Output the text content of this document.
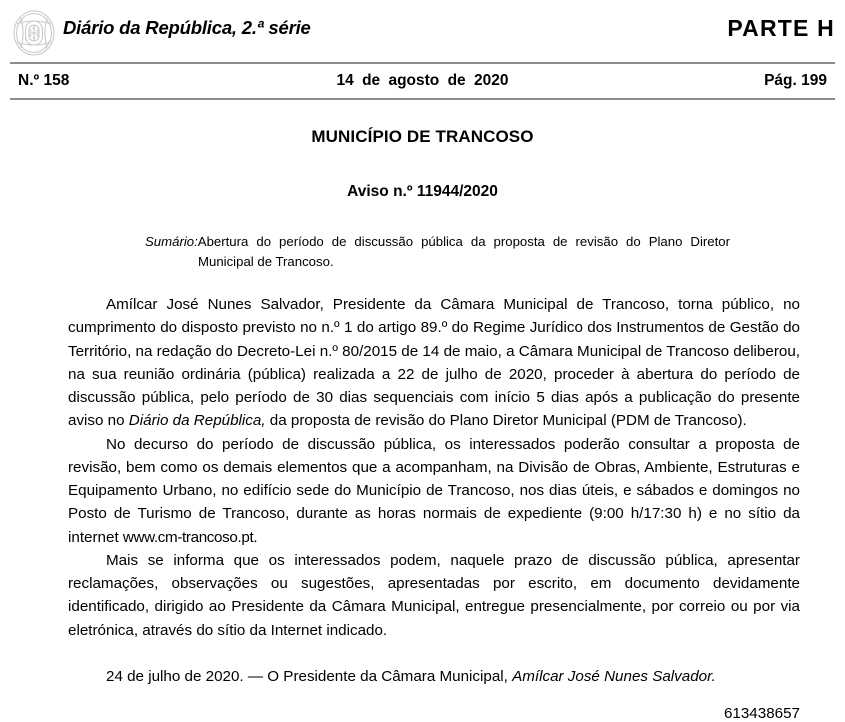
Diário da República, 2.ª série	PARTE H
N.º 158	14 de agosto de 2020	Pág. 199
MUNICÍPIO DE TRANCOSO
Aviso n.º 11944/2020
Sumário:Abertura do período de discussão pública da proposta de revisão do Plano Diretor Municipal de Trancoso.

Amílcar José Nunes Salvador, Presidente da Câmara Municipal de Trancoso, torna público, no cumprimento do disposto previsto no n.º 1 do artigo 89.º do Regime Jurídico dos Instrumentos de Gestão do Território, na redação do Decreto-Lei n.º 80/2015 de 14 de maio, a Câmara Municipal de Trancoso deliberou, na sua reunião ordinária (pública) realizada a 22 de julho de 2020, proceder à abertura do período de discussão pública, pelo período de 30 dias sequenciais com início 5 dias após a publicação do presente aviso no Diário da República, da proposta de revisão do Plano Diretor Municipal (PDM de Trancoso).

No decurso do período de discussão pública, os interessados poderão consultar a proposta de revisão, bem como os demais elementos que a acompanham, na Divisão de Obras, Ambiente, Estruturas e Equipamento Urbano, no edifício sede do Município de Trancoso, nos dias úteis, e sábados e domingos no Posto de Turismo de Trancoso, durante as horas normais de expediente (9:00 h/17:30 h) e no sítio da internet www.cm-trancoso.pt.

Mais se informa que os interessados podem, naquele prazo de discussão pública, apresentar reclamações, observações ou sugestões, apresentadas por escrito, em documento devidamente identificado, dirigido ao Presidente da Câmara Municipal, entregue presencialmente, por correio ou por via eletrónica, através do sítio da Internet indicado.

24 de julho de 2020. — O Presidente da Câmara Municipal, Amílcar José Nunes Salvador.
613438657
